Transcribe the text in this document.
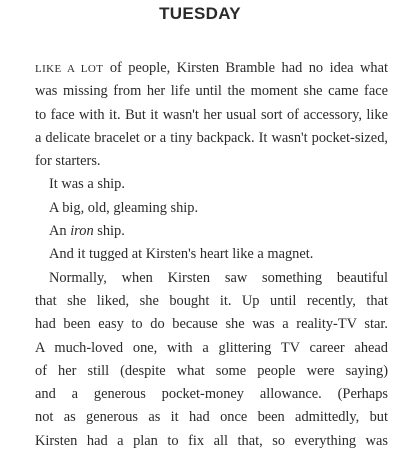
TUESDAY
LIKE A LOT of people, Kirsten Bramble had no idea what
was missing from her life until the moment she came face
to face with it. But it wasn't her usual sort of accessory, like
a delicate bracelet or a tiny backpack. It wasn't pocket-sized,
for starters.
It was a ship.
A big, old, gleaming ship.
An iron ship.
And it tugged at Kirsten's heart like a magnet.
Normally, when Kirsten saw something beautiful
that she liked, she bought it. Up until recently, that
had been easy to do because she was a reality-TV star.
A much-loved one, with a glittering TV career ahead
of her still (despite what some people were saying)
and a generous pocket-money allowance. (Perhaps
not as generous as it had once been admittedly, but
Kirsten had a plan to fix all that, so everything was
